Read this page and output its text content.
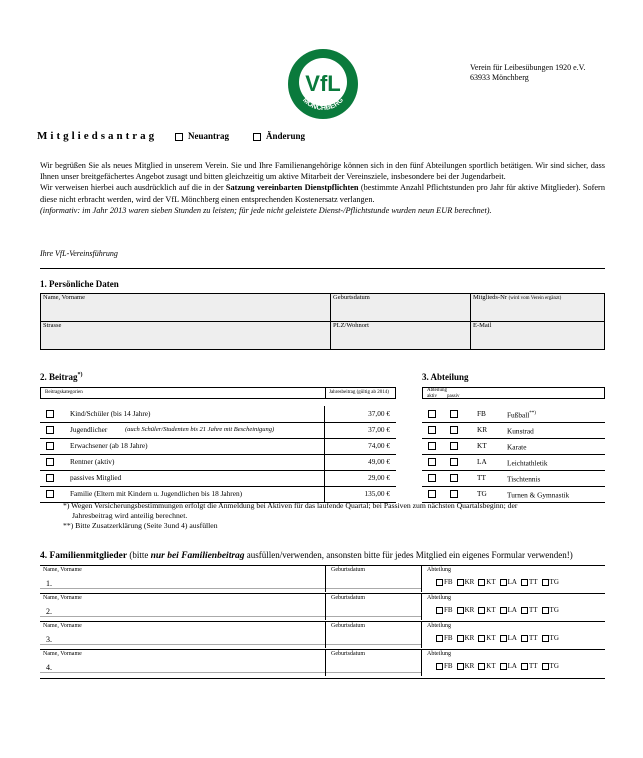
VfL
MÖNCHBERG
Verein für Leibesübungen 1920 e.V.
63933 Mönchberg
Mitgliedsantrag	Neuantrag	Änderung

Wir begrüßen Sie als neues Mitglied in unserem Verein. Sie und Ihre Familienangehörige können sich in den fünf Abteilungen sportlich betätigen. Wir sind sicher, dass Ihnen unser breitgefächertes Angebot zusagt und bitten gleichzeitig um aktive Mitarbeit der Vereinsziele, insbesondere bei der Jugendarbeit.

Wir verweisen hierbei auch ausdrücklich auf die in der Satzung vereinbarten Dienstpflichten (bestimmte Anzahl Pflichtstunden pro Jahr für aktive Mitglieder). Sofern diese nicht erbracht werden, wird der VfL Mönchberg einen entsprechenden Kostenersatz verlangen.

(informativ: im Jahr 2013 waren sieben Stunden zu leisten; für jede nicht geleistete Dienst-/Pflichtstunde wurden neun EUR berechnet).

Ihre VfL-Vereinsführung
1. Persönliche Daten
Name, Vorname	Geburtsdatum	Mitglieds-Nr (wird vom Verein ergänzt)
Strasse	PLZ/Wohnort	E-Mail
2. Beitrag*)
Beitragskategorien	Jahresbeitrag (gültig ab 2014)
Kind/Schüler (bis 14 Jahre)	37,00 €
Jugendlicher	37,00 €
(auch Schüler/Studenten bis 21 Jahre mit Bescheinigung)
Erwachsener (ab 18 Jahre)	74,00 €
Rentner (aktiv)	49,00 €
passives Mitglied	29,00 €
Familie (Eltern mit Kindern u. Jugendlichen bis 18 Jahren)	135,00 €
3. Abteilung
Abteilung
aktiv passiv
FB	Fußball**)
KR	Kunstrad
KT	Karate
LA	Leichtathletik
TT	Tischtennis
TG	Turnen & Gymnastik

*) Wegen Versicherungsbestimmungen erfolgt die Anmeldung bei Aktiven für das laufende Quartal; bei Passiven zum nächsten Quartalsbeginn; der

Jahresbeitrag wird anteilig berechnet.

**) Bitte Zusatzerklärung (Seite 3und 4) ausfüllen

4. Familienmitglieder (bitte nur bei Familienbeitrag ausfüllen/verwenden, ansonsten bitte für jedes Mitglied ein eigenes Formular verwenden!)
Name, Vorname
1.
Geburtsdatum	Abteilung
FB KR KT LA TT TG
Name, Vorname
2.
Geburtsdatum	Abteilung
FB KR KT LA TT TG
Name, Vorname
3.
Geburtsdatum	Abteilung
FB KR KT LA TT TG
Name, Vorname
4.
Geburtsdatum	Abteilung
FB KR KT LA TT TG
